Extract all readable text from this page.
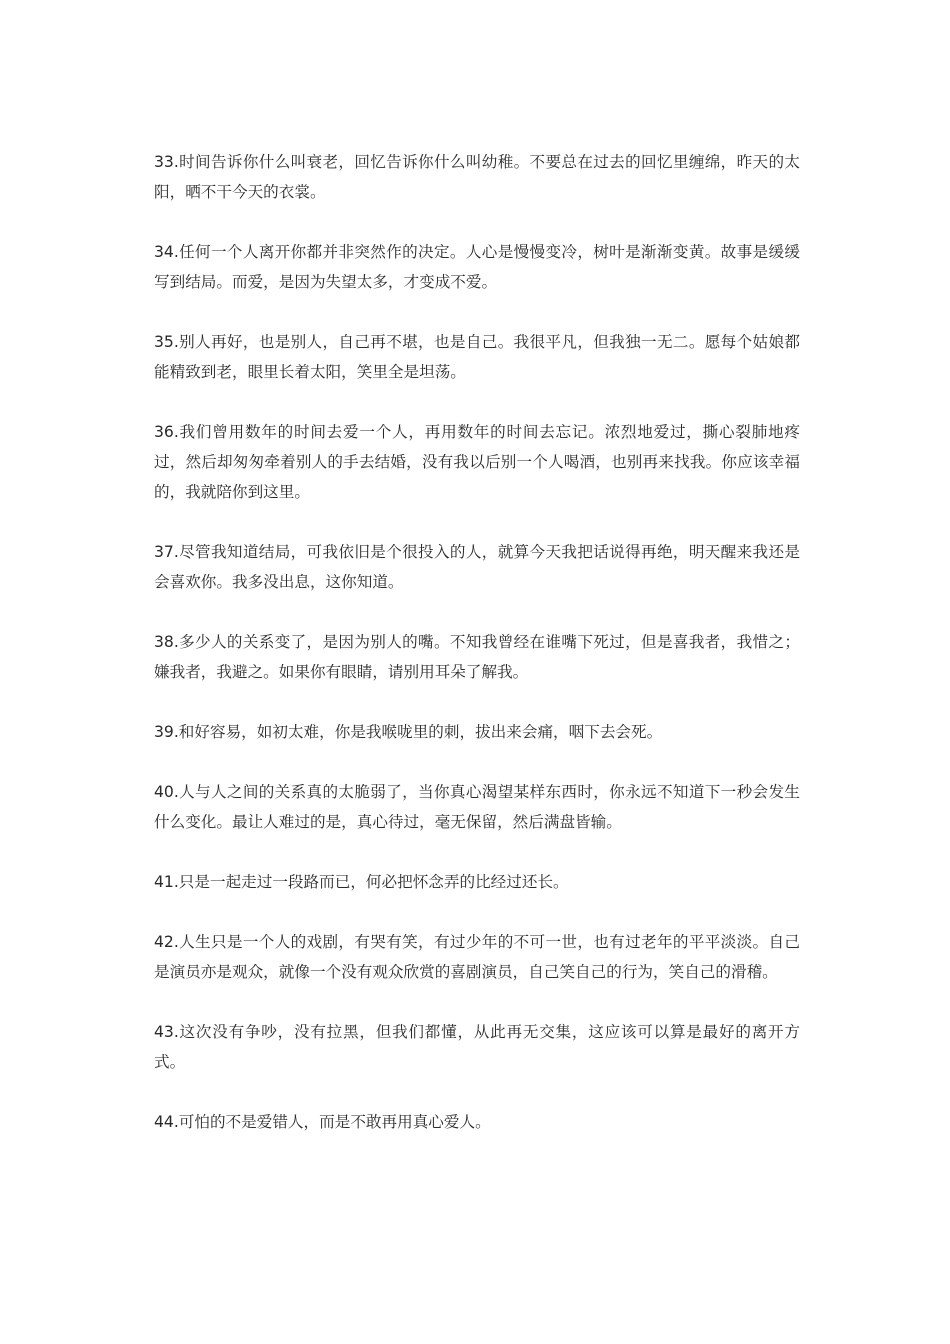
33.时间告诉你什么叫衰老，回忆告诉你什么叫幼稚。不要总在过去的回忆里缠绵，昨天的太阳，晒不干今天的衣裳。

34.任何一个人离开你都并非突然作的决定。人心是慢慢变冷，树叶是渐渐变黄。故事是缓缓写到结局。而爱，是因为失望太多，才变成不爱。

35.别人再好，也是别人，自己再不堪，也是自己。我很平凡，但我独一无二。愿每个姑娘都能精致到老，眼里长着太阳，笑里全是坦荡。

36.我们曾用数年的时间去爱一个人，再用数年的时间去忘记。浓烈地爱过，撕心裂肺地疼过，然后却匆匆牵着别人的手去结婚，没有我以后别一个人喝酒，也别再来找我。你应该幸福的，我就陪你到这里。

37.尽管我知道结局，可我依旧是个很投入的人，就算今天我把话说得再绝，明天醒来我还是会喜欢你。我多没出息，这你知道。

38.多少人的关系变了，是因为别人的嘴。不知我曾经在谁嘴下死过，但是喜我者，我惜之；嫌我者，我避之。如果你有眼睛，请别用耳朵了解我。

39.和好容易，如初太难，你是我喉咙里的刺，拔出来会痛，咽下去会死。

40.人与人之间的关系真的太脆弱了，当你真心渴望某样东西时，你永远不知道下一秒会发生什么变化。最让人难过的是，真心待过，毫无保留，然后满盘皆输。

41.只是一起走过一段路而已，何必把怀念弄的比经过还长。

42.人生只是一个人的戏剧，有哭有笑，有过少年的不可一世，也有过老年的平平淡淡。自己是演员亦是观众，就像一个没有观众欣赏的喜剧演员，自己笑自己的行为，笑自己的滑稽。

43.这次没有争吵，没有拉黑，但我们都懂，从此再无交集，这应该可以算是最好的离开方式。

44.可怕的不是爱错人，而是不敢再用真心爱人。
